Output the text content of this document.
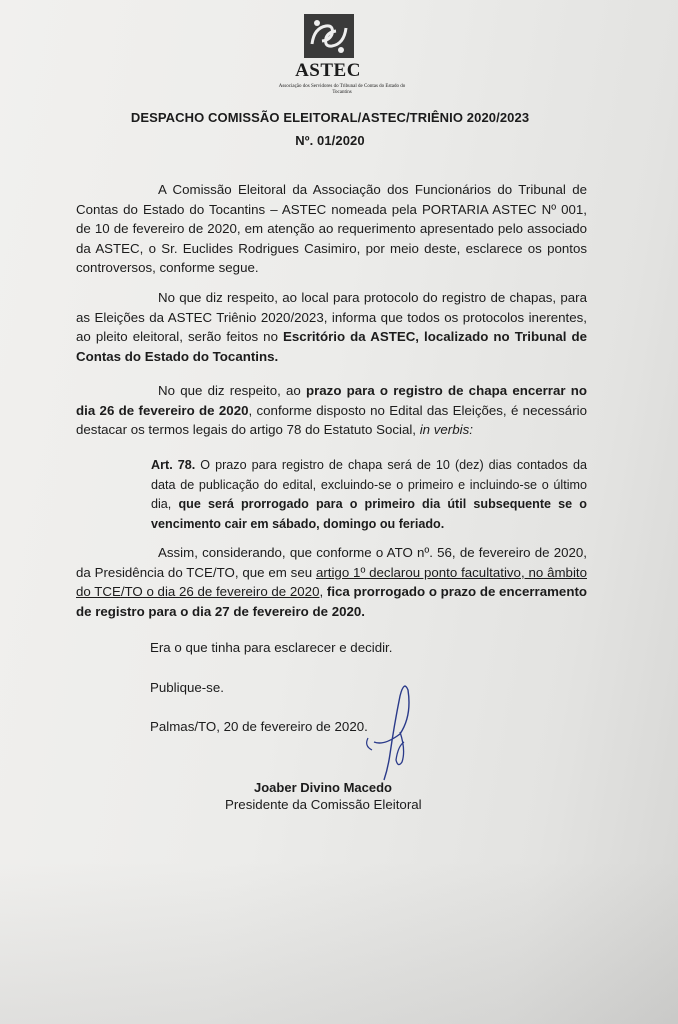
ASTEC
Associação dos Servidores do Tribunal de Contas do Estado do Tocantins
DESPACHO COMISSÃO ELEITORAL/ASTEC/TRIÊNIO 2020/2023
Nº. 01/2020
A Comissão Eleitoral da Associação dos Funcionários do Tribunal de Contas do Estado do Tocantins – ASTEC nomeada pela PORTARIA ASTEC Nº 001, de 10 de fevereiro de 2020, em atenção ao requerimento apresentado pelo associado da ASTEC, o Sr. Euclides Rodrigues Casimiro, por meio deste, esclarece os pontos controversos, conforme segue.
No que diz respeito, ao local para protocolo do registro de chapas, para as Eleições da ASTEC Triênio 2020/2023, informa que todos os protocolos inerentes, ao pleito eleitoral, serão feitos no Escritório da ASTEC, localizado no Tribunal de Contas do Estado do Tocantins.
No que diz respeito, ao prazo para o registro de chapa encerrar no dia 26 de fevereiro de 2020, conforme disposto no Edital das Eleições, é necessário destacar os termos legais do artigo 78 do Estatuto Social, in verbis:
Art. 78. O prazo para registro de chapa será de 10 (dez) dias contados da data de publicação do edital, excluindo-se o primeiro e incluindo-se o último dia, que será prorrogado para o primeiro dia útil subsequente se o vencimento cair em sábado, domingo ou feriado.
Assim, considerando, que conforme o ATO nº. 56, de fevereiro de 2020, da Presidência do TCE/TO, que em seu artigo 1º declarou ponto facultativo, no âmbito do TCE/TO o dia 26 de fevereiro de 2020, fica prorrogado o prazo de encerramento de registro para o dia 27 de fevereiro de 2020.
Era o que tinha para esclarecer e decidir.
Publique-se.
Palmas/TO, 20 de fevereiro de 2020.
Joaber Divino Macedo
Presidente da Comissão Eleitoral
